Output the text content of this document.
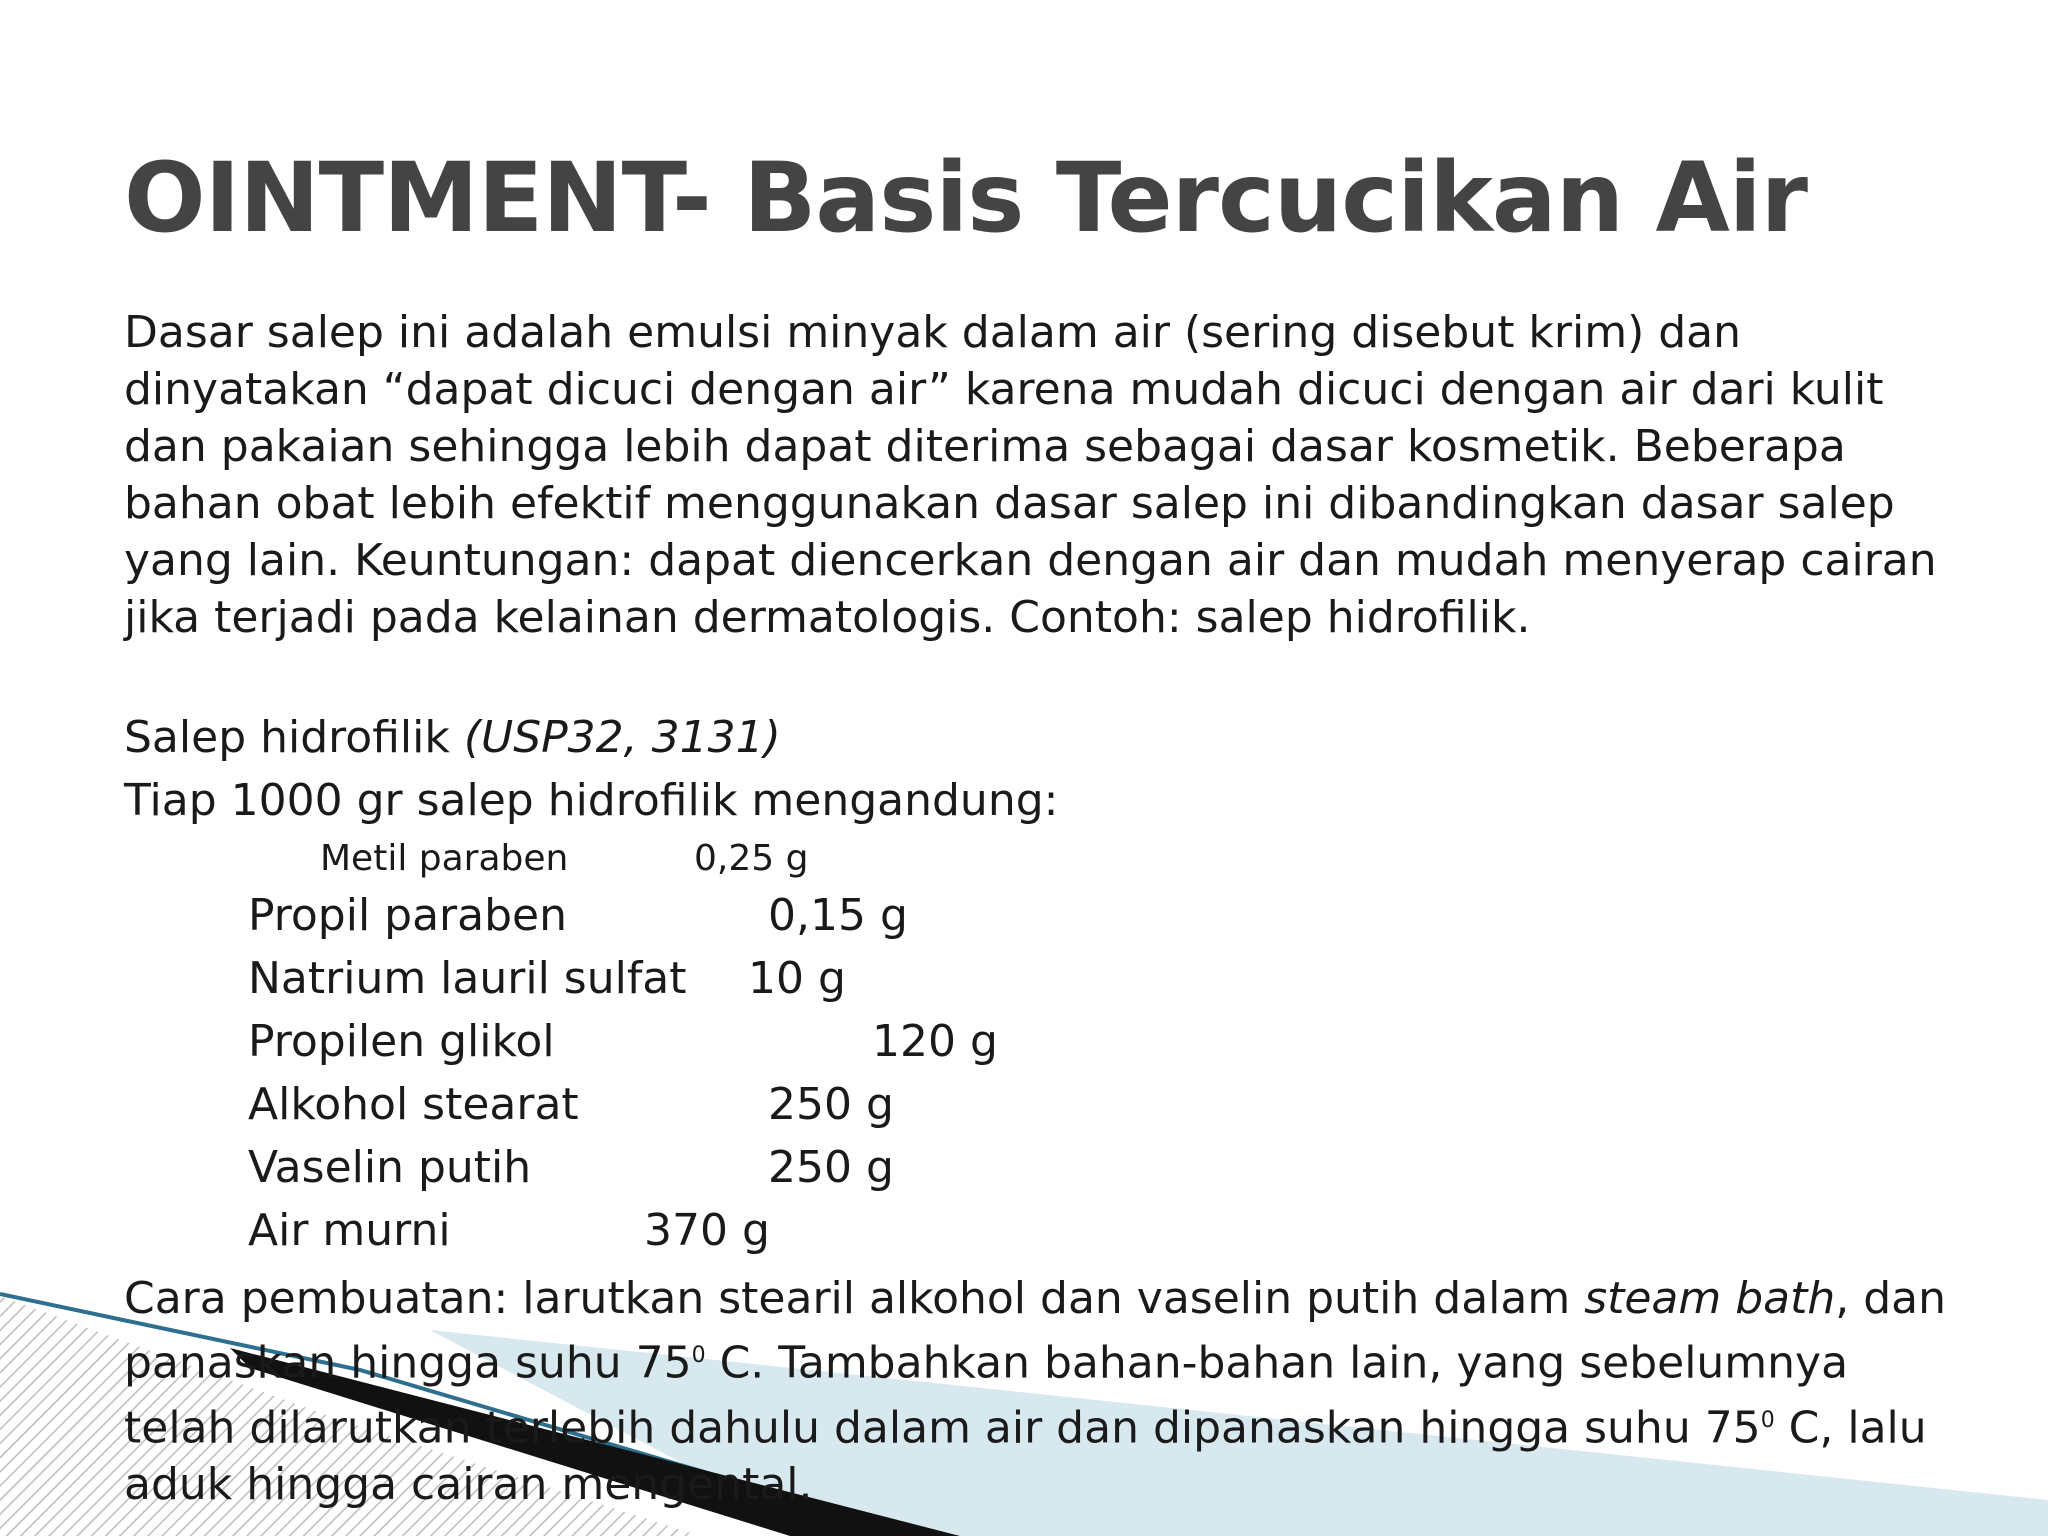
OINTMENT- Basis Tercucikan Air
Dasar salep ini adalah emulsi minyak dalam air (sering disebut krim) dan
dinyatakan “dapat dicuci dengan air” karena mudah dicuci dengan air dari kulit
dan pakaian sehingga lebih dapat diterima sebagai dasar kosmetik. Beberapa
bahan obat lebih efektif menggunakan dasar salep ini dibandingkan dasar salep
yang lain. Keuntungan: dapat diencerkan dengan air dan mudah menyerap cairan
jika terjadi pada kelainan dermatologis. Contoh: salep hidrofilik.
Salep hidrofilik (USP32, 3131)
Tiap 1000 gr salep hidrofilik mengandung:
Metil paraben	0,25 g
Propil paraben	0,15 g
Natrium lauril sulfat 10 g
Propilen glikol	120 g
Alkohol stearat	250 g
Vaselin putih	250 g
Air murni	370 g
Cara pembuatan: larutkan stearil alkohol dan vaselin putih dalam steam bath, dan
panaskan hingga suhu $75^0$ C. Tambahkan bahan-bahan lain, yang sebelumnya
telah dilarutkan terlebih dahulu dalam air dan dipanaskan hingga suhu $75^0$ C, lalu
aduk hingga cairan mengental.
